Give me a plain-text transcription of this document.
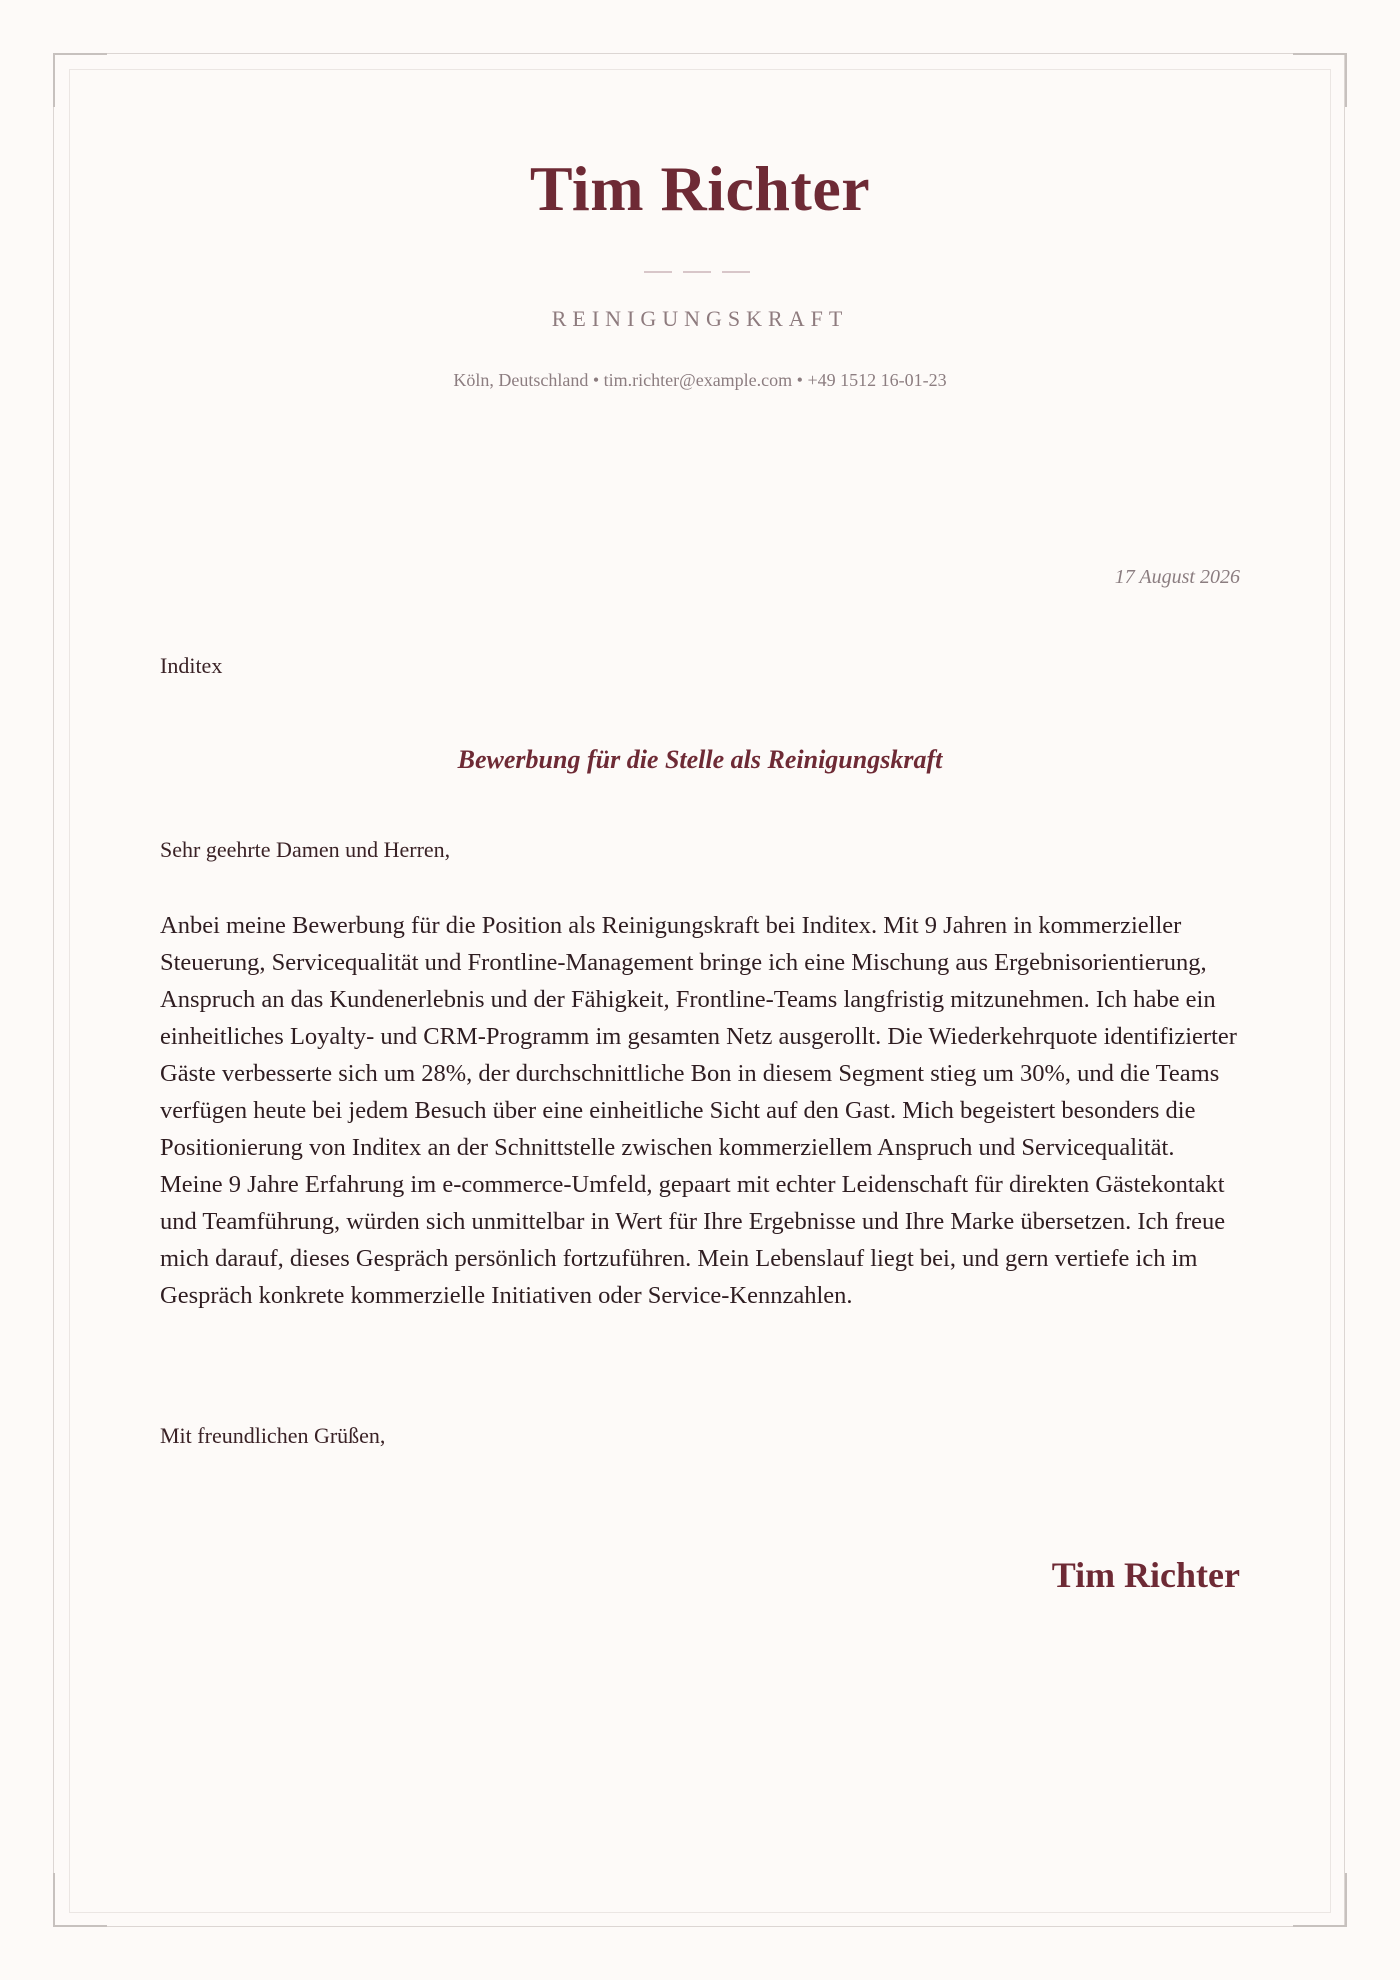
Tim Richter
REINIGUNGSKRAFT
Köln, Deutschland • tim.richter@example.com • +49 1512 16-01-23
17 August 2026
Inditex
Bewerbung für die Stelle als Reinigungskraft
Sehr geehrte Damen und Herren,

Anbei meine Bewerbung für die Position als Reinigungskraft bei Inditex. Mit 9 Jahren in kommerzieller Steuerung, Servicequalität und Frontline-Management bringe ich eine Mischung aus Ergebnisorientierung, Anspruch an das Kundenerlebnis und der Fähigkeit, Frontline-Teams langfristig mitzunehmen. Ich habe ein einheitliches Loyalty- und CRM-Programm im gesamten Netz ausgerollt. Die Wiederkehrquote identifizierter Gäste verbesserte sich um 28%, der durchschnittliche Bon in diesem Segment stieg um 30%, und die Teams verfügen heute bei jedem Besuch über eine einheitliche Sicht auf den Gast. Mich begeistert besonders die Positionierung von Inditex an der Schnittstelle zwischen kommerziellem Anspruch und Servicequalität. Meine 9 Jahre Erfahrung im e-commerce-Umfeld, gepaart mit echter Leidenschaft für direkten Gästekontakt und Teamführung, würden sich unmittelbar in Wert für Ihre Ergebnisse und Ihre Marke übersetzen. Ich freue mich darauf, dieses Gespräch persönlich fortzuführen. Mein Lebenslauf liegt bei, und gern vertiefe ich im Gespräch konkrete kommerzielle Initiativen oder Service-Kennzahlen.

Mit freundlichen Grüßen,
Tim Richter
